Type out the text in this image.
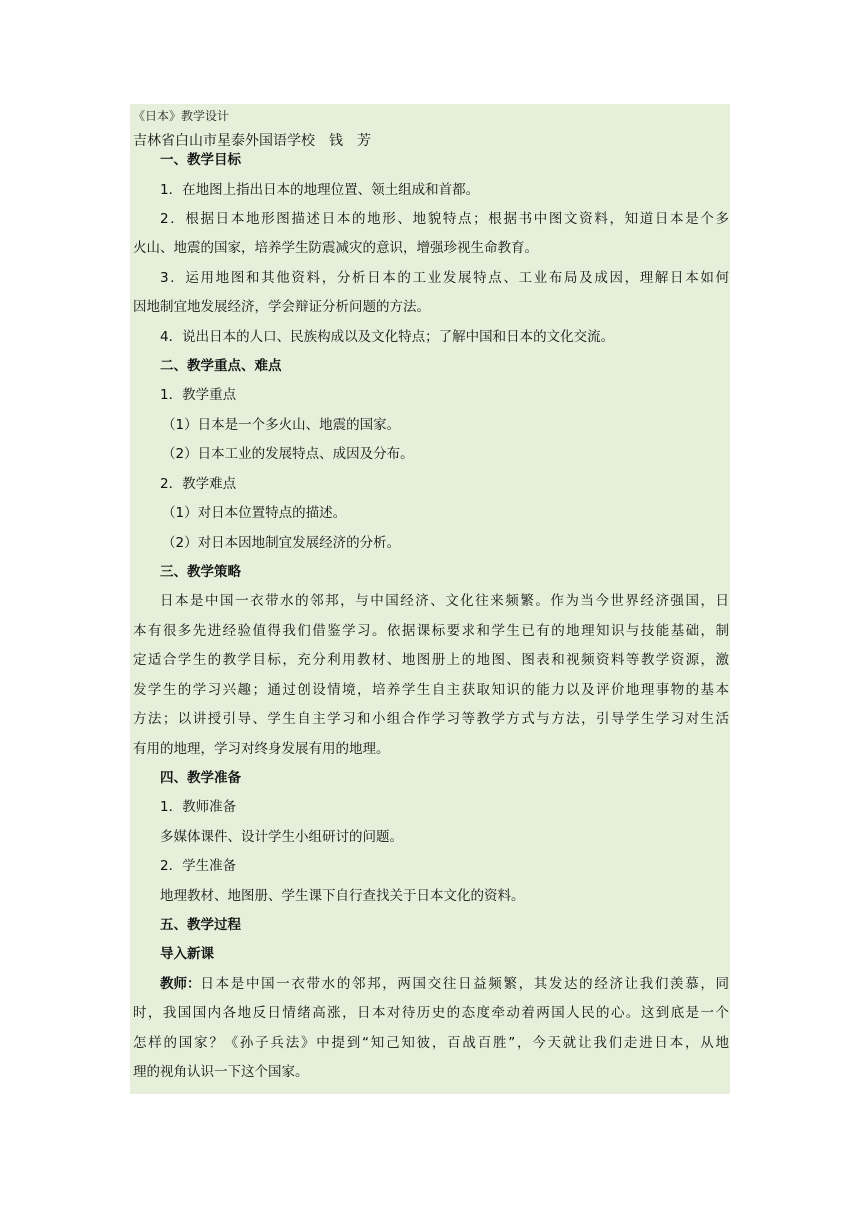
《日本》教学设计
吉林省白山市星泰外国语学校　钱　芳
一、教学目标
1．在地图上指出日本的地理位置、领土组成和首都。
2．根据日本地形图描述日本的地形、地貌特点；根据书中图文资料，知道日本是个多
火山、地震的国家，培养学生防震减灾的意识，增强珍视生命教育。
3．运用地图和其他资料，分析日本的工业发展特点、工业布局及成因，理解日本如何
因地制宜地发展经济，学会辩证分析问题的方法。
4．说出日本的人口、民族构成以及文化特点；了解中国和日本的文化交流。
二、教学重点、难点
1．教学重点
（1）日本是一个多火山、地震的国家。
（2）日本工业的发展特点、成因及分布。
2．教学难点
（1）对日本位置特点的描述。
（2）对日本因地制宜发展经济的分析。
三、教学策略
日本是中国一衣带水的邻邦，与中国经济、文化往来频繁。作为当今世界经济强国，日
本有很多先进经验值得我们借鉴学习。依据课标要求和学生已有的地理知识与技能基础，制
定适合学生的教学目标，充分利用教材、地图册上的地图、图表和视频资料等教学资源，激
发学生的学习兴趣；通过创设情境，培养学生自主获取知识的能力以及评价地理事物的基本
方法；以讲授引导、学生自主学习和小组合作学习等教学方式与方法，引导学生学习对生活
有用的地理，学习对终身发展有用的地理。
四、教学准备
1．教师准备
多媒体课件、设计学生小组研讨的问题。
2．学生准备
地理教材、地图册、学生课下自行查找关于日本文化的资料。
五、教学过程
导入新课
教师： 日本是中国一衣带水的邻邦，两国交往日益频繁，其发达的经济让我们羡慕，同
时，我国国内各地反日情绪高涨，日本对待历史的态度牵动着两国人民的心。这到底是一个
怎样的国家？《孙子兵法》中提到“知己知彼，百战百胜”，今天就让我们走进日本，从地
理的视角认识一下这个国家。
